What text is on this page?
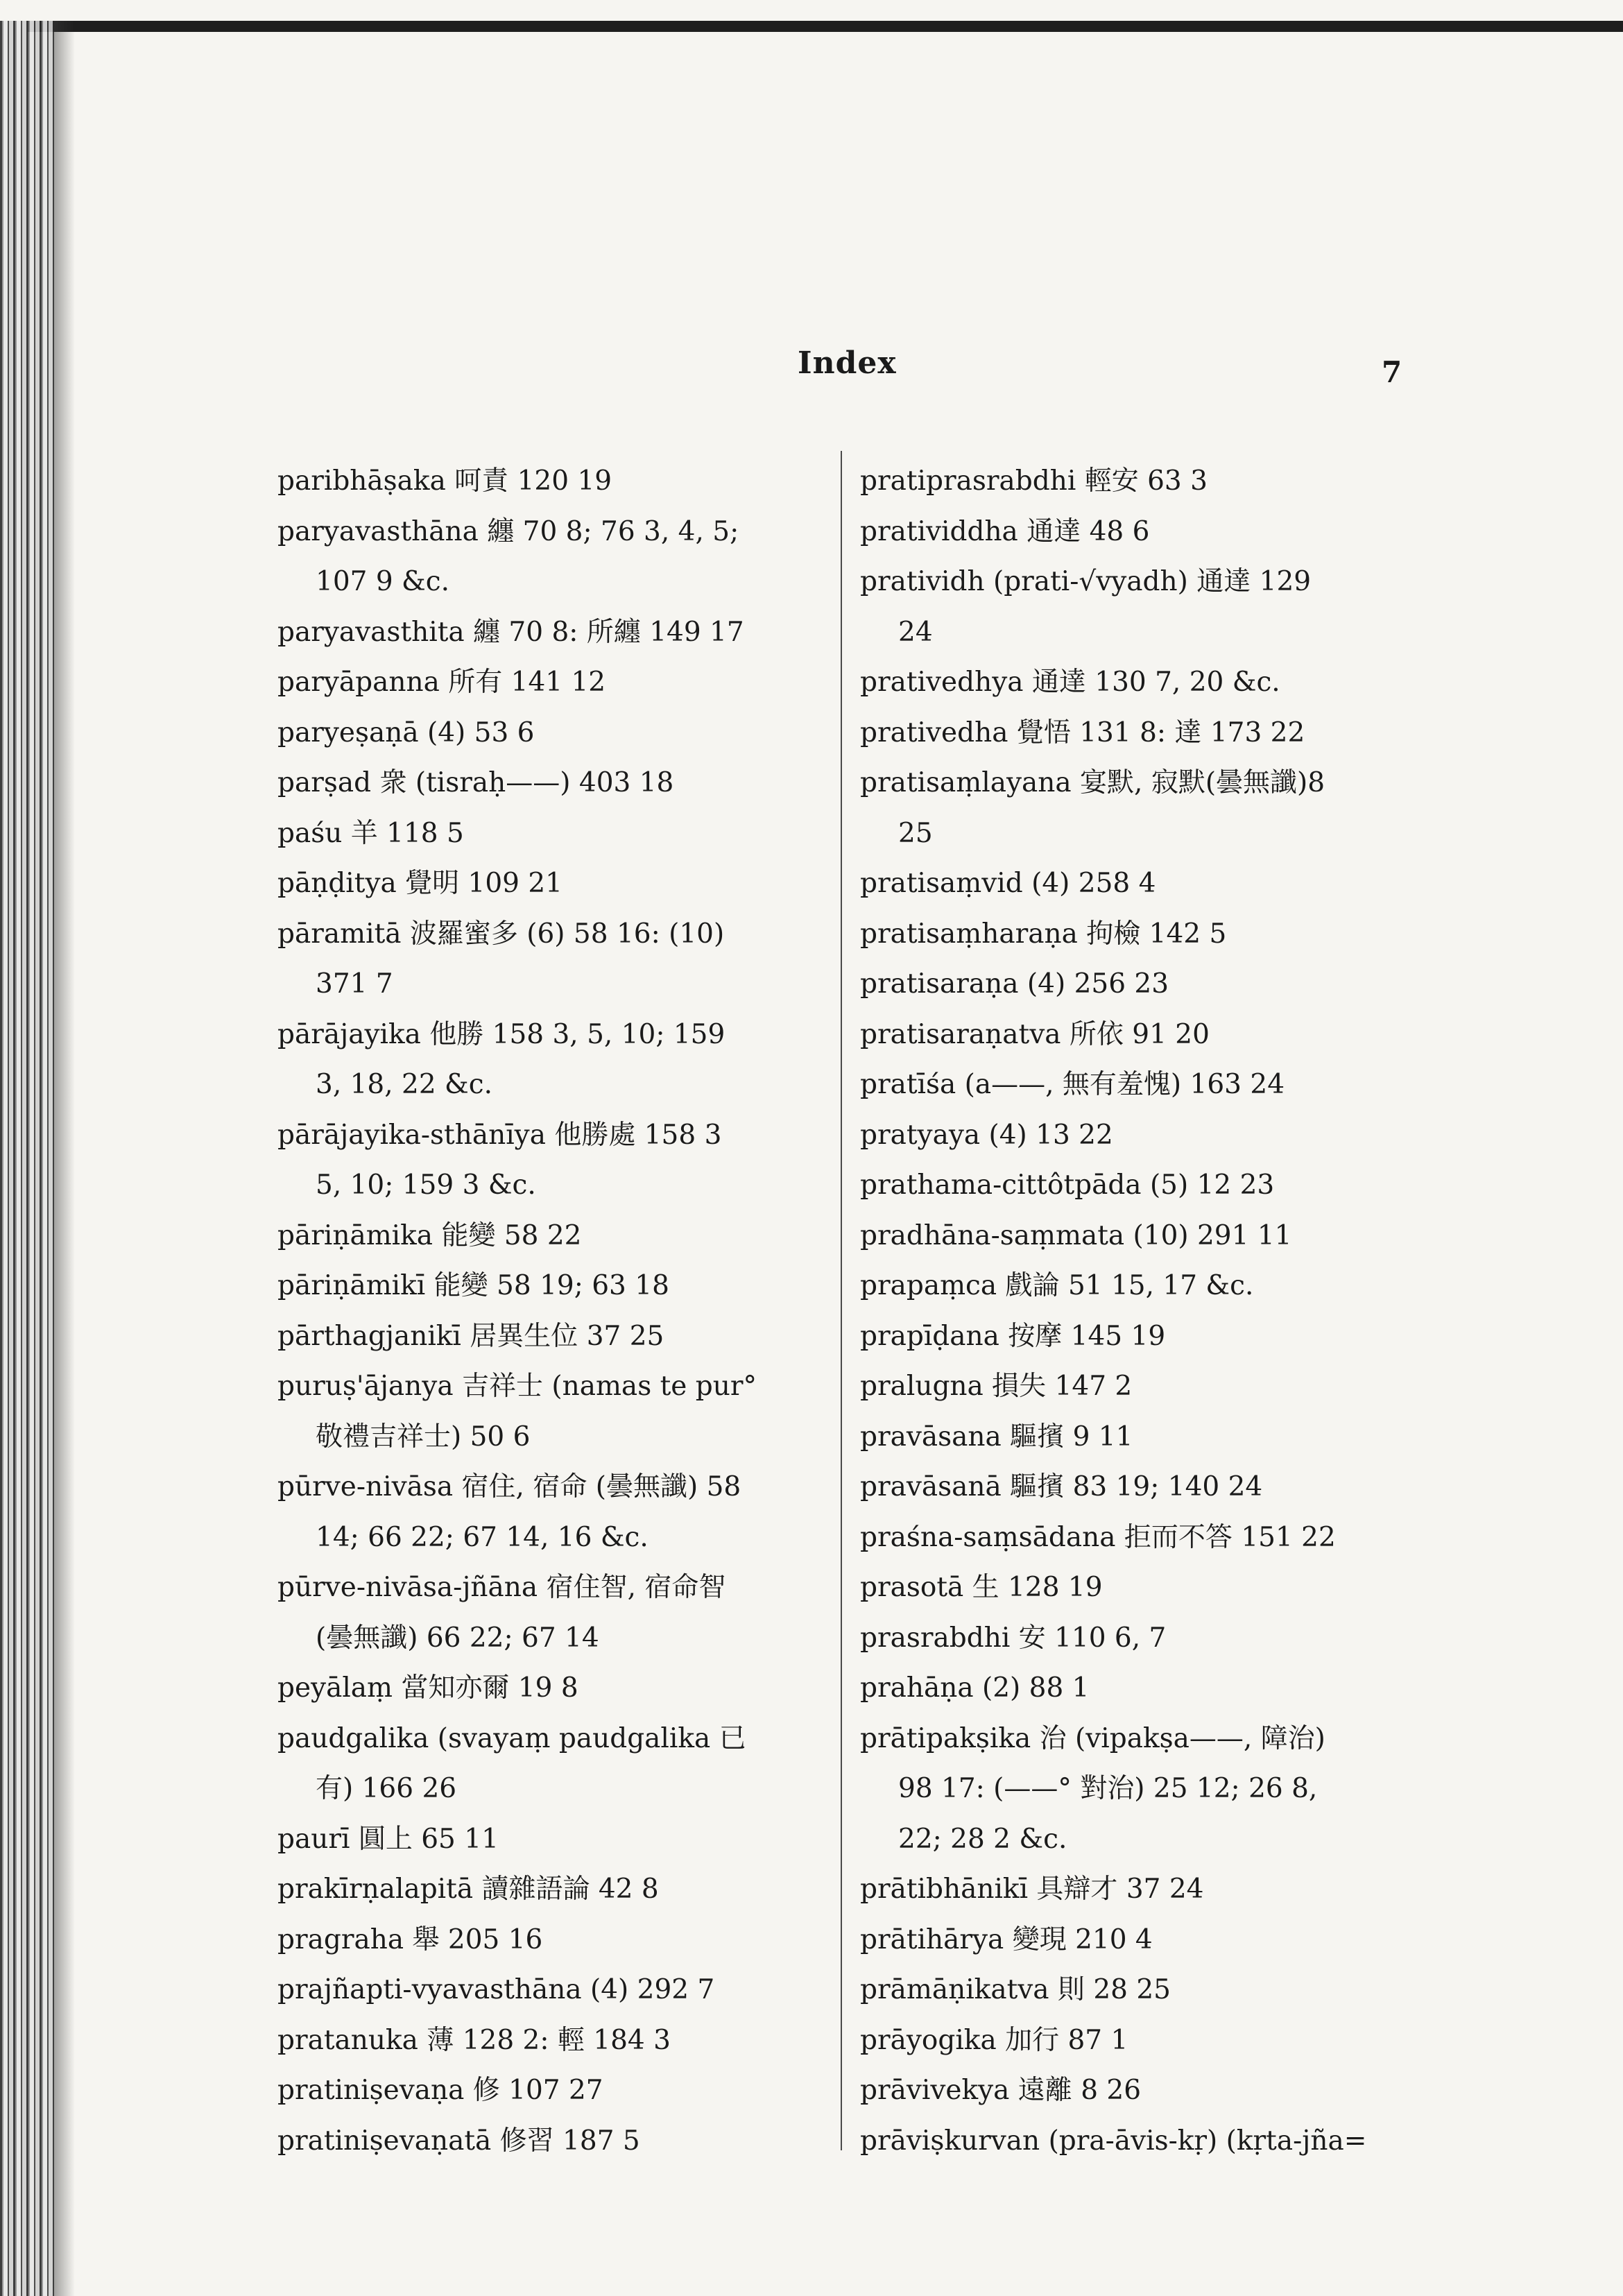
Index	7
paribhāṣaka 呵責 120 19
paryavasthāna 纏 70 8; 76 3, 4, 5;
107 9 &c.
paryavasthita 纏 70 8: 所纏 149 17
paryāpanna 所有 141 12
paryeṣaṇā (4) 53 6
parṣad 衆 (tisraḥ——) 403 18
paśu 羊 118 5
pāṇḍitya 覺明 109 21
pāramitā 波羅蜜多 (6) 58 16: (10)
371 7
pārājayika 他勝 158 3, 5, 10; 159
3, 18, 22 &c.
pārājayika-sthānīya 他勝處 158 3
5, 10; 159 3 &c.
pāriṇāmika 能變 58 22
pāriṇāmikī 能變 58 19; 63 18
pārthagjanikī 居異生位 37 25
puruṣ'ājanya 吉祥士 (namas te pur°
敬禮吉祥士) 50 6
pūrve-nivāsa 宿住, 宿命 (曇無讖) 58
14; 66 22; 67 14, 16 &c.
pūrve-nivāsa-jñāna 宿住智, 宿命智
(曇無讖) 66 22; 67 14
peyālaṃ 當知亦爾 19 8
paudgalika (svayaṃ paudgalika 已
有) 166 26
paurī 圓上 65 11
prakīrṇalapitā 讀雜語論 42 8
pragraha 舉 205 16
prajñapti-vyavasthāna (4) 292 7
pratanuka 薄 128 2: 輕 184 3
pratiniṣevaṇa 修 107 27
pratiniṣevaṇatā 修習 187 5
pratiprasrabdhi 輕安 63 3
pratividdha 通達 48 6
pratividh (prati-√vyadh) 通達 129
24
prativedhya 通達 130 7, 20 &c.
prativedha 覺悟 131 8: 達 173 22
pratisaṃlayana 宴默, 寂默(曇無讖)8
25
pratisaṃvid (4) 258 4
pratisaṃharaṇa 拘檢 142 5
pratisaraṇa (4) 256 23
pratisaraṇatva 所依 91 20
pratīśa (a——, 無有羞愧) 163 24
pratyaya (4) 13 22
prathama-cittôtpāda (5) 12 23
pradhāna-saṃmata (10) 291 11
prapaṃca 戲論 51 15, 17 &c.
prapīḍana 按摩 145 19
pralugna 損失 147 2
pravāsana 驅擯 9 11
pravāsanā 驅擯 83 19; 140 24
praśna-saṃsādana 拒而不答 151 22
prasotā 生 128 19
prasrabdhi 安 110 6, 7
prahāṇa (2) 88 1
prātipakṣika 治 (vipakṣa——, 障治)
98 17: (——° 對治) 25 12; 26 8,
22; 28 2 &c.
prātibhānikī 具辯才 37 24
prātihārya 變現 210 4
prāmāṇikatva 則 28 25
prāyogika 加行 87 1
prāvivekya 遠離 8 26
prāviṣkurvan (pra-āvis-kṛ) (kṛta-jña=
